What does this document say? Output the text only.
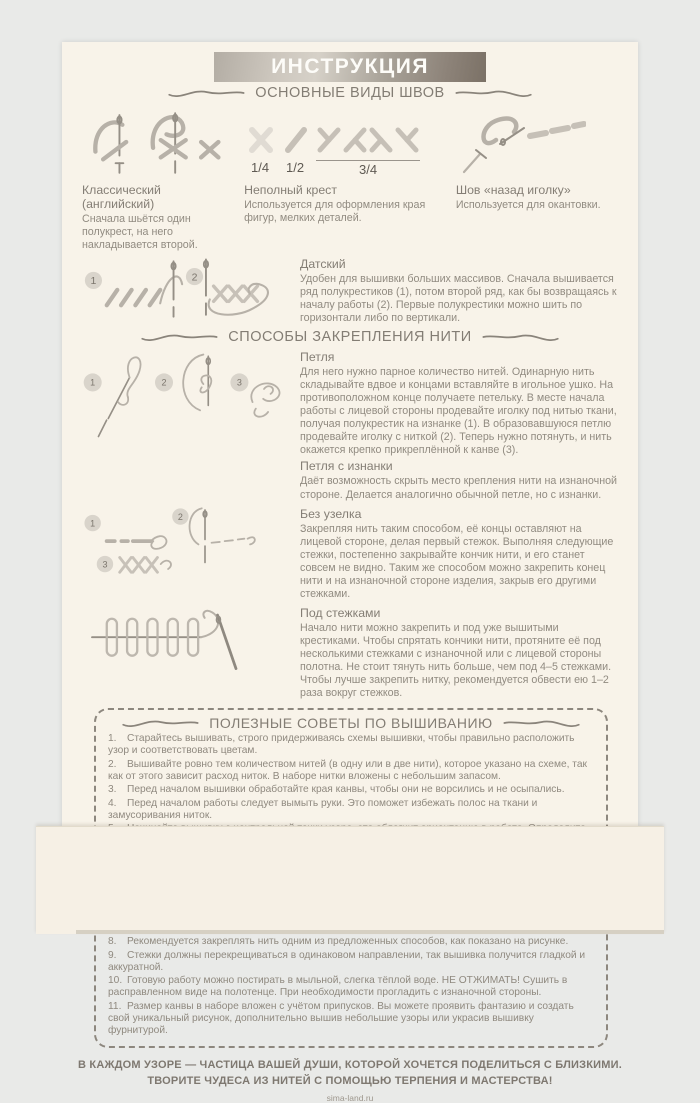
ИНСТРУКЦИЯ
ОСНОВНЫЕ ВИДЫ ШВОВ
Классический (английский)
Сначала шьётся один полукрест, на него накладывается второй.
1/4	1/2	3/4
Неполный крест
Используется для оформления края фигур, мелких деталей.
Шов «назад иголку»
Используется для окантовки.
1	2
Датский
Удобен для вышивки больших массивов. Сначала вышивается ряд полукрестиков (1), потом второй ряд, как бы возвращаясь к началу работы (2). Первые полукрестики можно шить по горизонтали либо по вертикали.
СПОСОБЫ ЗАКРЕПЛЕНИЯ НИТИ
1	2	3
Петля
Для него нужно парное количество нитей. Одинарную нить складывайте вдвое и концами вставляйте в игольное ушко. На противоположном конце получаете петельку. В месте начала работы с лицевой стороны продевайте иголку под нитью ткани, получая полукрестик на изнанке (1). В образовавшуюся петлю продевайте иголку с ниткой (2). Теперь нужно потянуть, и нить окажется крепко прикреплённой к канве (3).
Петля с изнанки
Даёт возможность скрыть место крепления нити на изнаночной стороне. Делается аналогично обычной петле, но с изнанки.
1
2
3
Без узелка
Закрепляя нить таким способом, её концы оставляют на лицевой стороне, делая первый стежок. Выполняя следующие стежки, постепенно закрывайте кончик нити, и его станет совсем не видно. Таким же способом можно закрепить конец нити и на изнаночной стороне изделия, закрыв его другими стежками.
Под стежками
Начало нити можно закрепить и под уже вышитыми крестиками. Чтобы спрятать кончики нити, протяните её под несколькими стежками с изнаночной или с лицевой стороны полотна. Не стоит тянуть нить больше, чем под 4–5 стежками. Чтобы лучше закрепить нитку, рекомендуется обвести ею 1–2 раза вокруг стежков.
ПОЛЕЗНЫЕ СОВЕТЫ ПО ВЫШИВАНИЮ
1. Старайтесь вышивать, строго придерживаясь схемы вышивки, чтобы правильно расположить узор и соответствовать цветам.
2. Вышивайте ровно тем количеством нитей (в одну или в две нити), которое указано на схеме, так как от этого зависит расход ниток. В наборе нитки вложены с небольшим запасом.
3. Перед началом вышивки обработайте края канвы, чтобы они не ворсились и не осыпались.
4. Перед началом работы следует вымыть руки. Это поможет избежать полос на ткани и замусоривания ниток.
8. Рекомендуется закреплять нить одним из предложенных способов, как показано на рисунке.
9. Стежки должны перекрещиваться в одинаковом направлении, так вышивка получится гладкой и аккуратной.
10. Готовую работу можно постирать в мыльной, слегка тёплой воде. НЕ ОТЖИМАТЬ! Сушить в расправленном виде на полотенце. При необходимости прогладить с изнаночной стороны.
11. Размер канвы в наборе вложен с учётом припусков. Вы можете проявить фантазию и создать свой уникальный рисунок, дополнительно вышив небольшие узоры или украсив вышивку фурнитурой.
В КАЖДОМ УЗОРЕ — ЧАСТИЦА ВАШЕЙ ДУШИ, КОТОРОЙ ХОЧЕТСЯ ПОДЕЛИТЬСЯ С БЛИЗКИМИ.
ТВОРИТЕ ЧУДЕСА ИЗ НИТЕЙ С ПОМОЩЬЮ ТЕРПЕНИЯ И МАСТЕРСТВА!
sima-land.ru
